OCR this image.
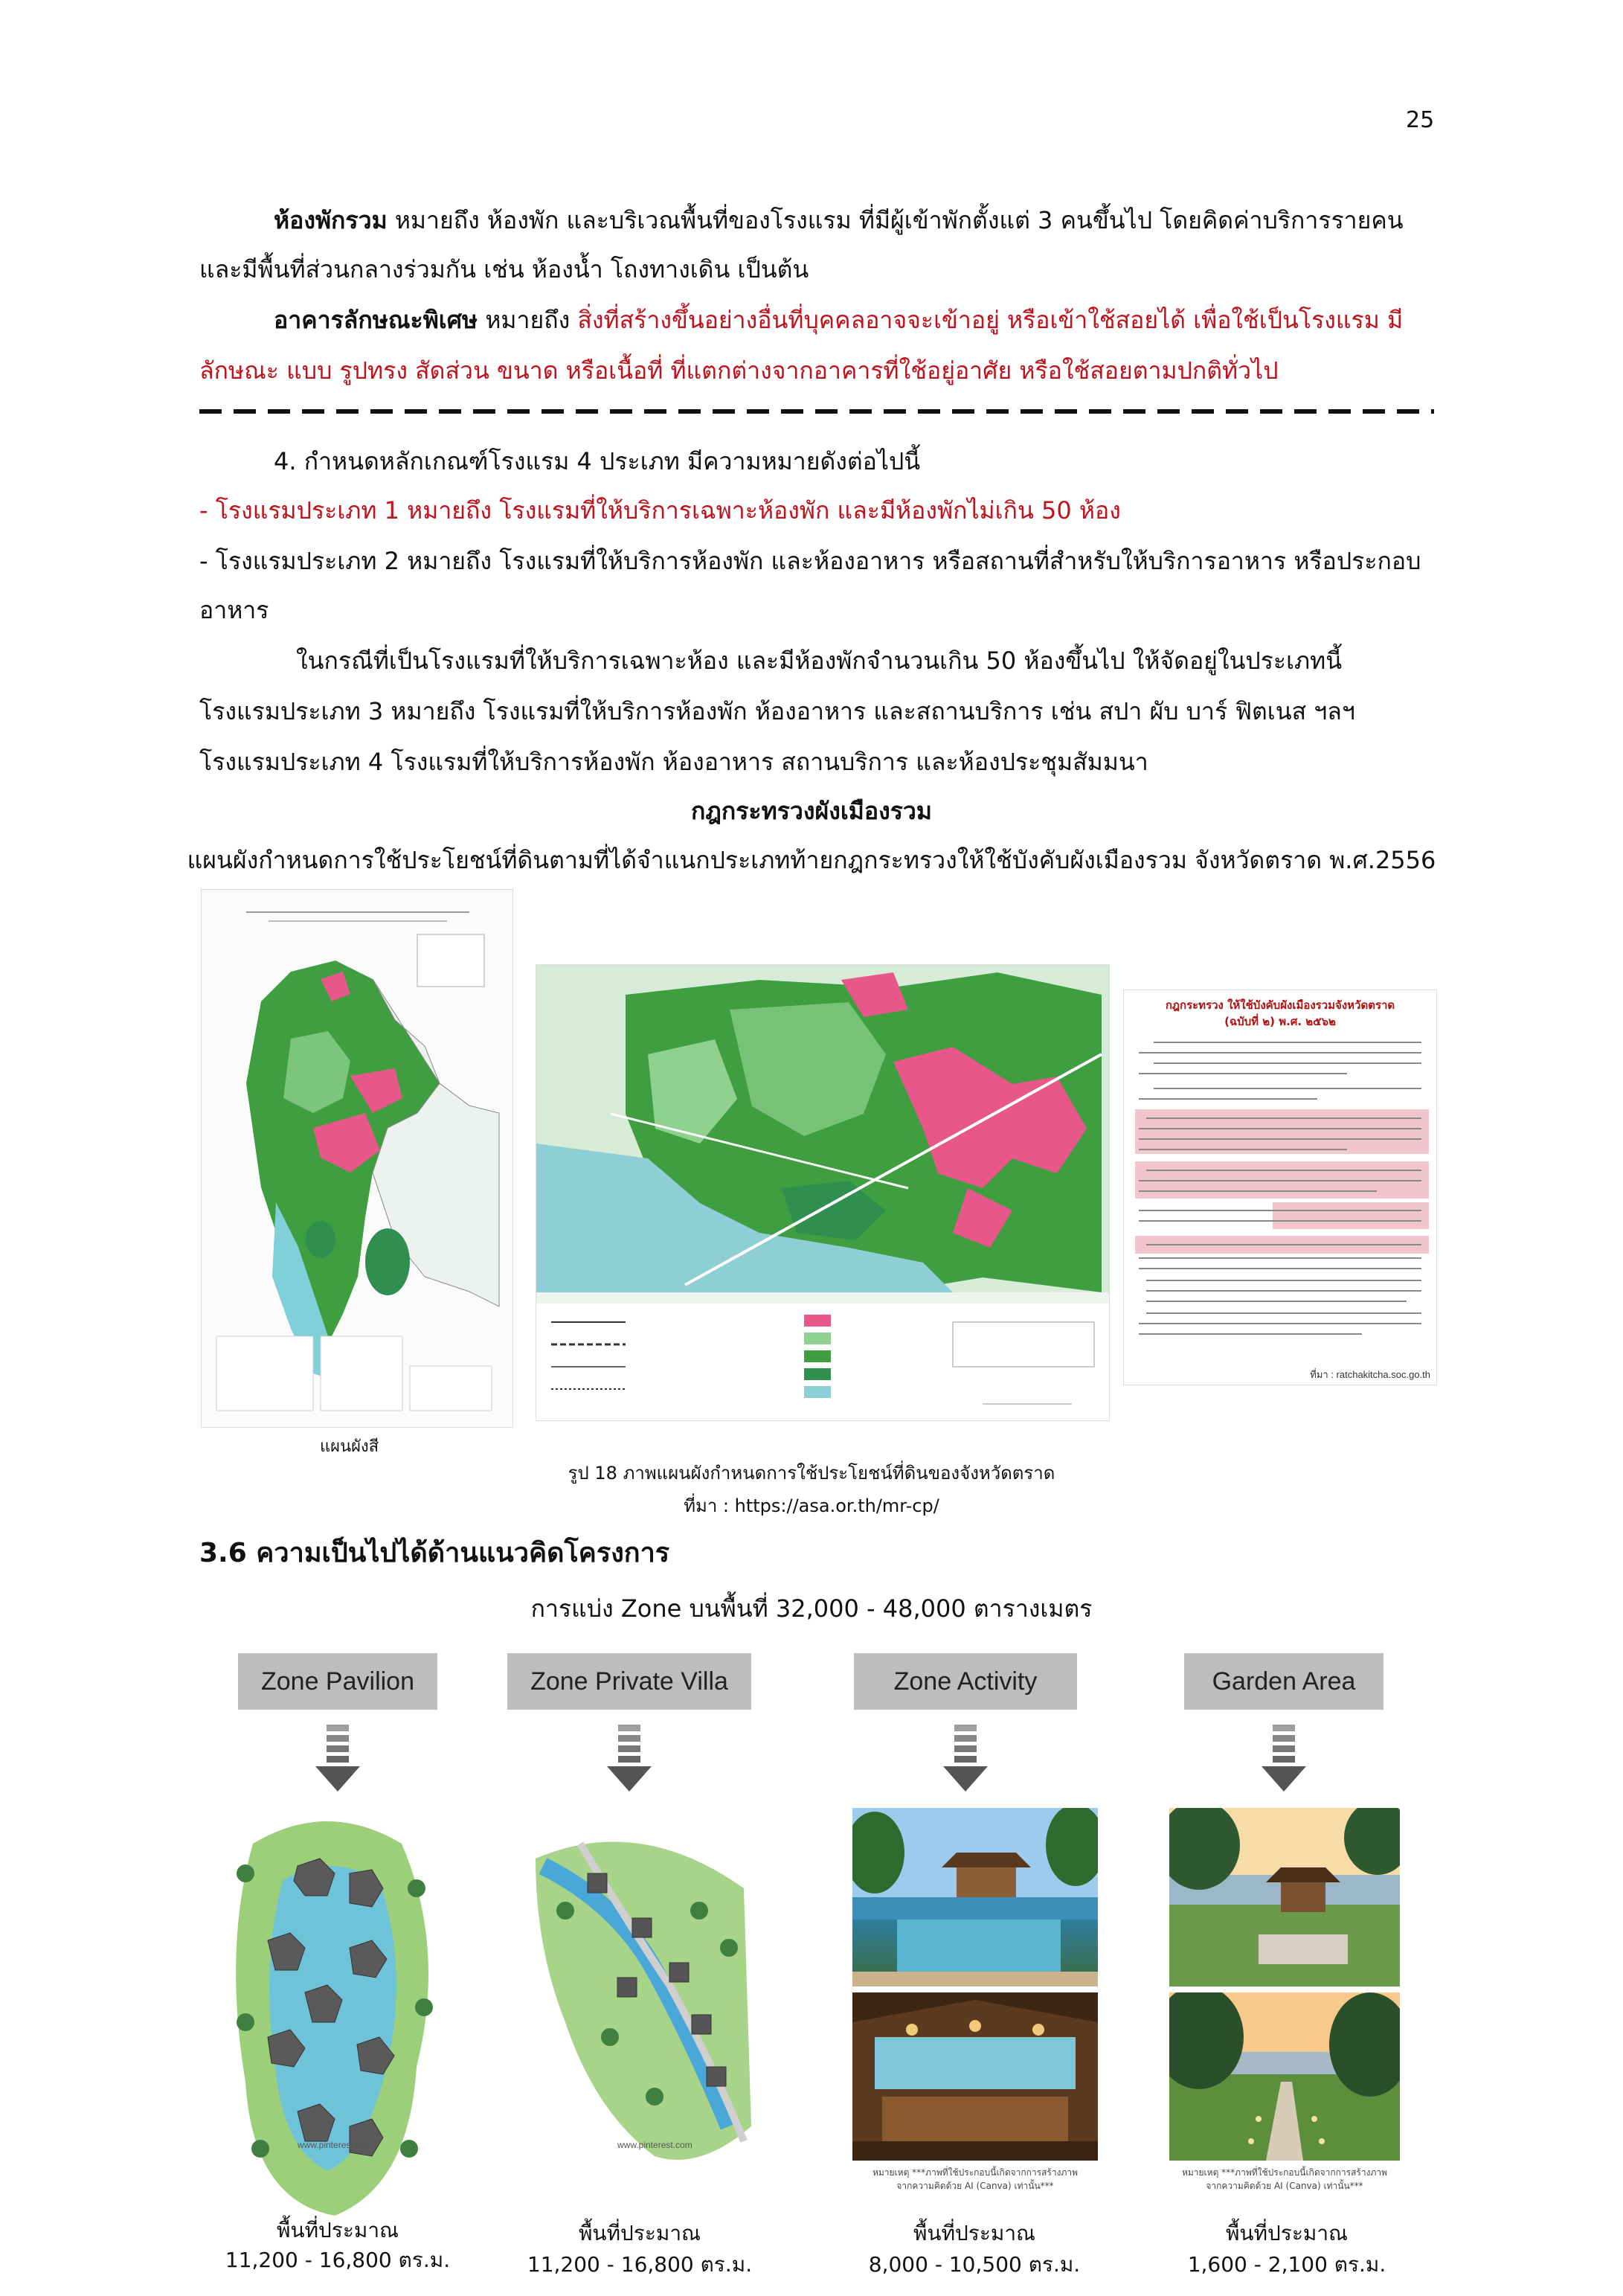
25
ห้องพักรวม หมายถึง ห้องพัก และบริเวณพื้นที่ของโรงแรม ที่มีผู้เข้าพักตั้งแต่ 3 คนขึ้นไป โดยคิดค่าบริการรายคน
และมีพื้นที่ส่วนกลางร่วมกัน เช่น ห้องน้ำ โถงทางเดิน เป็นต้น
อาคารลักษณะพิเศษ หมายถึง สิ่งที่สร้างขึ้นอย่างอื่นที่บุคคลอาจจะเข้าอยู่ หรือเข้าใช้สอยได้ เพื่อใช้เป็นโรงแรม มี
ลักษณะ แบบ รูปทรง สัดส่วน ขนาด หรือเนื้อที่ ที่แตกต่างจากอาคารที่ใช้อยู่อาศัย หรือใช้สอยตามปกติทั่วไป
4. กำหนดหลักเกณฑ์โรงแรม 4 ประเภท มีความหมายดังต่อไปนี้
- โรงแรมประเภท 1 หมายถึง โรงแรมที่ให้บริการเฉพาะห้องพัก และมีห้องพักไม่เกิน 50 ห้อง
- โรงแรมประเภท 2 หมายถึง โรงแรมที่ให้บริการห้องพัก และห้องอาหาร หรือสถานที่สำหรับให้บริการอาหาร หรือประกอบ
อาหาร
ในกรณีที่เป็นโรงแรมที่ให้บริการเฉพาะห้อง และมีห้องพักจำนวนเกิน 50 ห้องขึ้นไป ให้จัดอยู่ในประเภทนี้
โรงแรมประเภท 3 หมายถึง โรงแรมที่ให้บริการห้องพัก ห้องอาหาร และสถานบริการ เช่น สปา ผับ บาร์ ฟิตเนส ฯลฯ
โรงแรมประเภท 4 โรงแรมที่ให้บริการห้องพัก ห้องอาหาร สถานบริการ และห้องประชุมสัมมนา
กฎกระทรวงผังเมืองรวม
แผนผังกำหนดการใช้ประโยชน์ที่ดินตามที่ได้จำแนกประเภทท้ายกฎกระทรวงให้ใช้บังคับผังเมืองรวม จังหวัดตราด พ.ศ.2556
แผนผังสี
กฎกระทรวง ให้ใช้บังคับผังเมืองรวมจังหวัดตราด
(ฉบับที่ ๒) พ.ศ. ๒๕๖๒
ที่มา : ratchakitcha.soc.go.th
รูป 18 ภาพแผนผังกำหนดการใช้ประโยชน์ที่ดินของจังหวัดตราด
ที่มา : https://asa.or.th/mr-cp/
3.6 ความเป็นไปได้ด้านแนวคิดโครงการ
การแบ่ง Zone บนพื้นที่ 32,000 - 48,000 ตารางเมตร
Zone Pavilion	Zone Private Villa	Zone Activity	Garden Area
www.pinterest.com	www.pinterest.com
หมายเหตุ ***ภาพที่ใช้ประกอบนี้เกิดจากการสร้างภาพ
จากความคิดด้วย AI (Canva) เท่านั้น***
หมายเหตุ ***ภาพที่ใช้ประกอบนี้เกิดจากการสร้างภาพ
จากความคิดด้วย AI (Canva) เท่านั้น***
พื้นที่ประมาณ
11,200 - 16,800 ตร.ม.
พื้นที่ประมาณ
11,200 - 16,800 ตร.ม.
พื้นที่ประมาณ
8,000 - 10,500 ตร.ม.
พื้นที่ประมาณ
1,600 - 2,100 ตร.ม.
